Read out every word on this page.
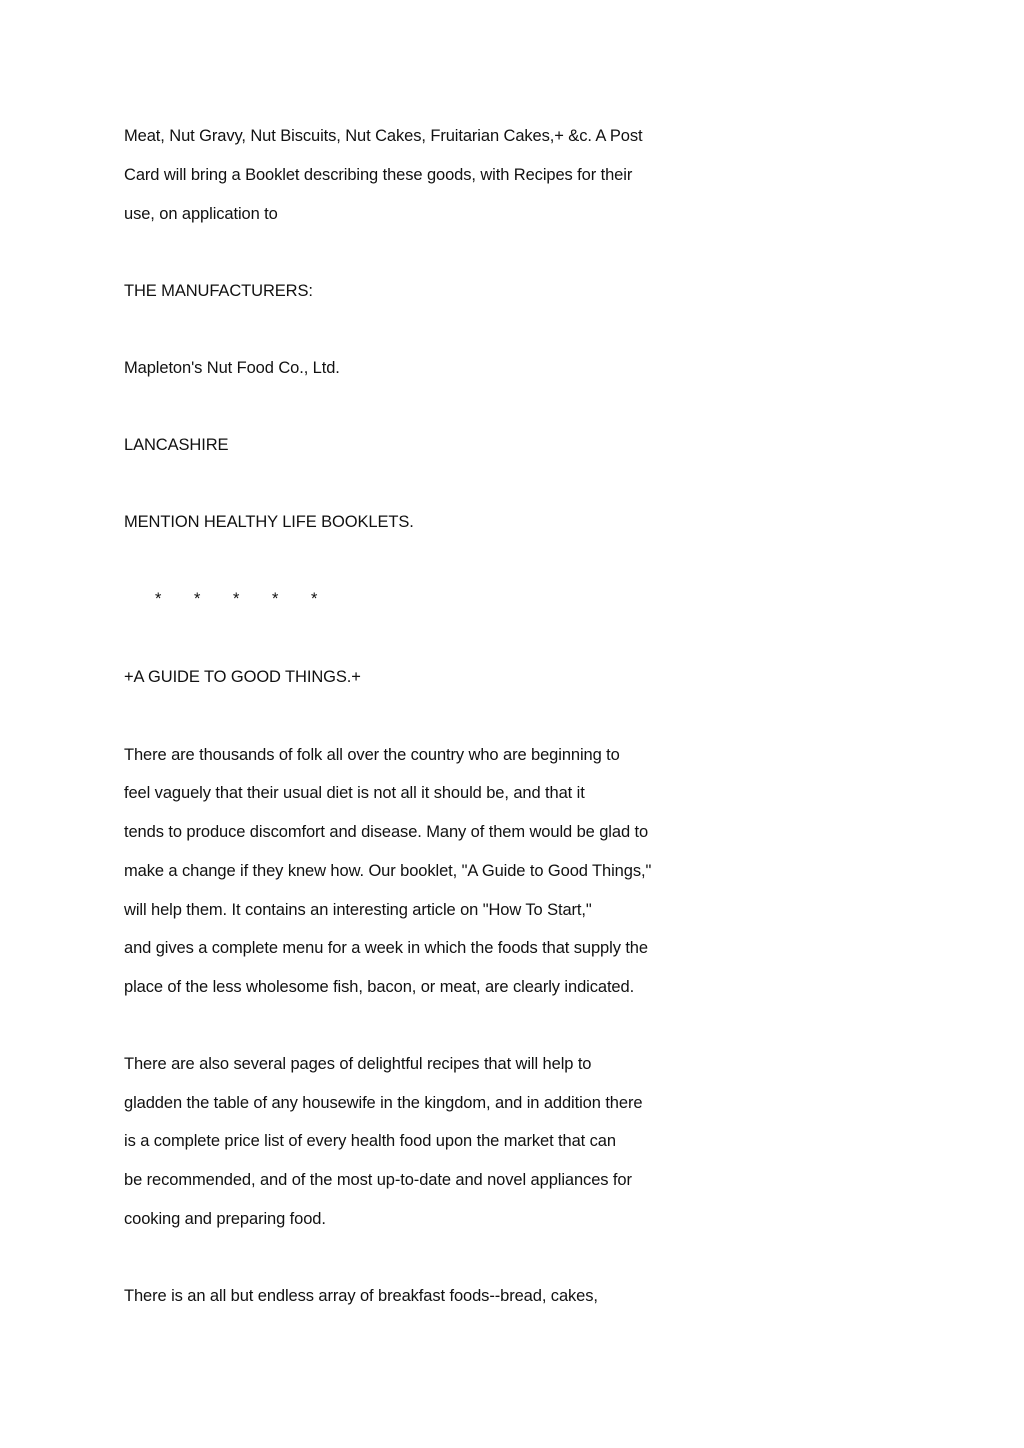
Meat, Nut Gravy, Nut Biscuits, Nut Cakes, Fruitarian Cakes,+ &c. A Post
Card will bring a Booklet describing these goods, with Recipes for their
use, on application to
THE MANUFACTURERS:
Mapleton's Nut Food Co., Ltd.
LANCASHIRE
MENTION HEALTHY LIFE BOOKLETS.
* * * * *
+A GUIDE TO GOOD THINGS.+
There are thousands of folk all over the country who are beginning to
feel vaguely that their usual diet is not all it should be, and that it
tends to produce discomfort and disease. Many of them would be glad to
make a change if they knew how. Our booklet, "A Guide to Good Things,"
will help them. It contains an interesting article on "How To Start,"
and gives a complete menu for a week in which the foods that supply the
place of the less wholesome fish, bacon, or meat, are clearly indicated.
There are also several pages of delightful recipes that will help to
gladden the table of any housewife in the kingdom, and in addition there
is a complete price list of every health food upon the market that can
be recommended, and of the most up-to-date and novel appliances for
cooking and preparing food.
There is an all but endless array of breakfast foods--bread, cakes,
